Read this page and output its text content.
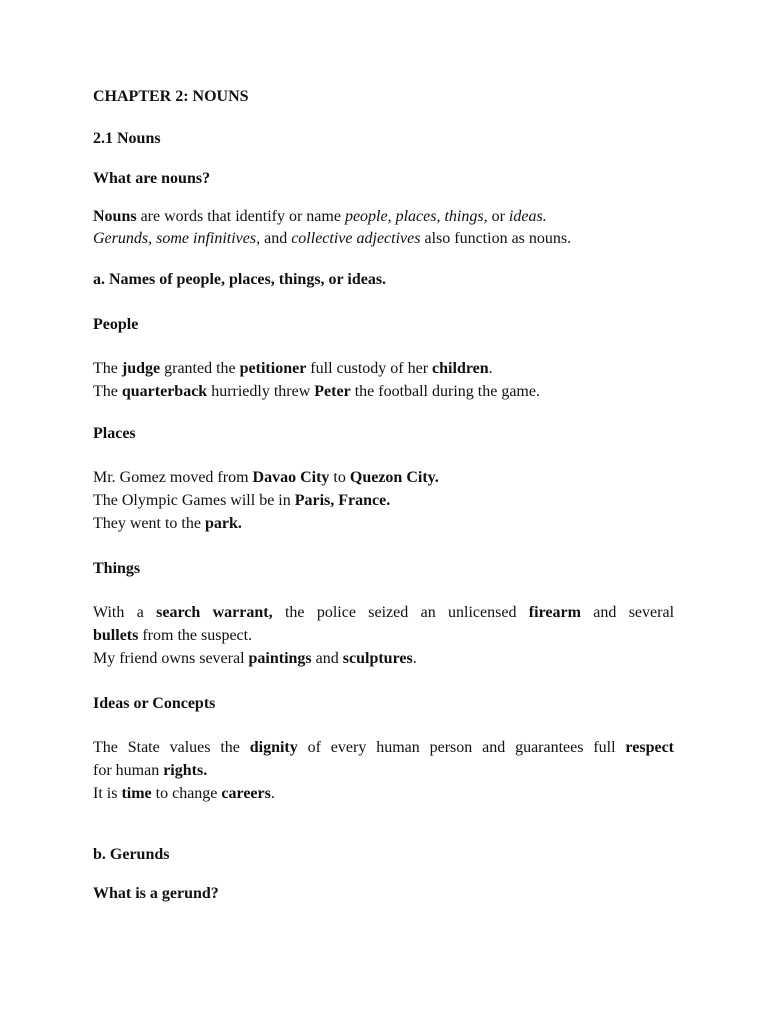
CHAPTER 2: NOUNS
2.1 Nouns
What are nouns?
Nouns are words that identify or name people, places, things, or ideas.
Gerunds, some infinitives, and collective adjectives also function as nouns.
a. Names of people, places, things, or ideas.
People
The judge granted the petitioner full custody of her children.
The quarterback hurriedly threw Peter the football during the game.
Places
Mr. Gomez moved from Davao City to Quezon City.
The Olympic Games will be in Paris, France.
They went to the park.
Things
With a search warrant, the police seized an unlicensed firearm and several
bullets from the suspect.
My friend owns several paintings and sculptures.
Ideas or Concepts
The State values the dignity of every human person and guarantees full respect
for human rights.
It is time to change careers.
b. Gerunds
What is a gerund?
